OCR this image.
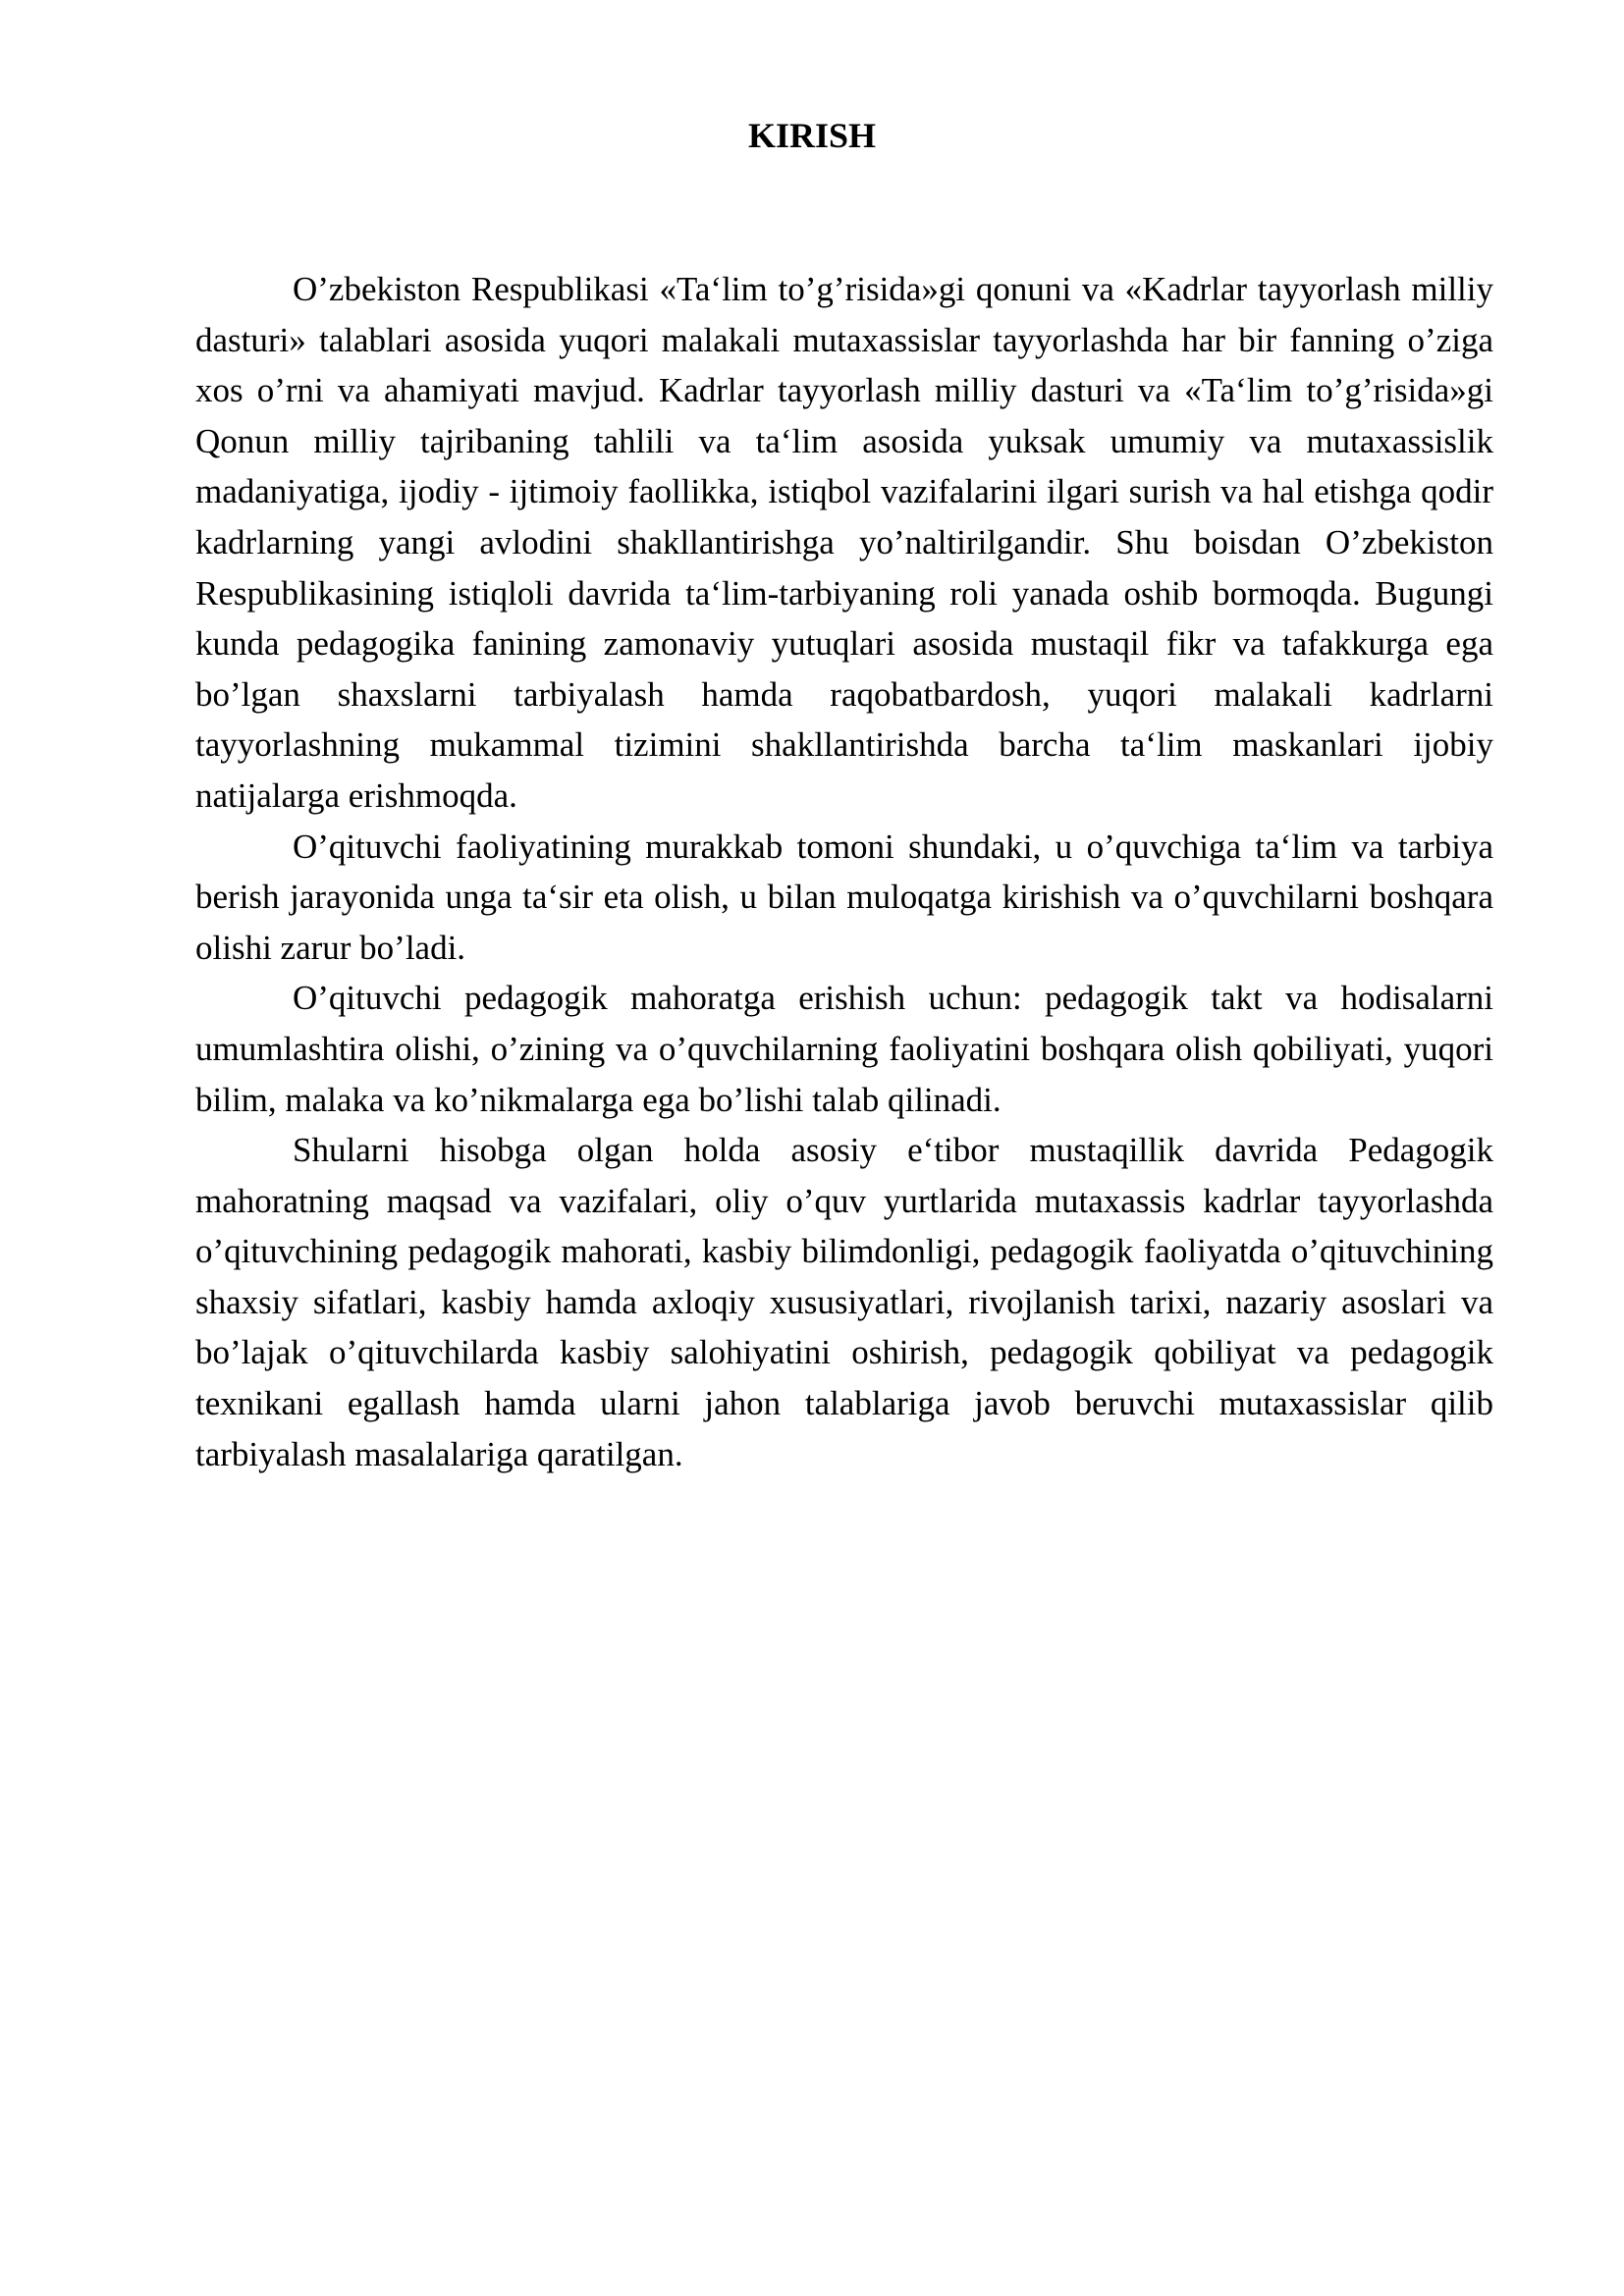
KIRISH

O’zbekiston Respublikasi «Ta‘lim to’g’risida»gi qonuni va «Kadrlar tayyorlash milliy dasturi» talablari asosida yuqori malakali mutaxassislar tayyorlashda har bir fanning o’ziga xos o’rni va ahamiyati mavjud. Kadrlar tayyorlash milliy dasturi va «Ta‘lim to’g’risida»gi Qonun milliy tajribaning tahlili va ta‘lim asosida yuksak umumiy va mutaxassislik madaniyatiga, ijodiy - ijtimoiy faollikka, istiqbol vazifalarini ilgari surish va hal etishga qodir kadrlarning yangi avlodini shakllantirishga yo’naltirilgandir. Shu boisdan O’zbekiston Respublikasining istiqloli davrida ta‘lim-tarbiyaning roli yanada oshib bormoqda. Bugungi kunda pedagogika fanining zamonaviy yutuqlari asosida mustaqil fikr va tafakkurga ega bo’lgan shaxslarni tarbiyalash hamda raqobatbardosh, yuqori malakali kadrlarni tayyorlashning mukammal tizimini shakllantirishda barcha ta‘lim maskanlari ijobiy natijalarga erishmoqda.

O’qituvchi faoliyatining murakkab tomoni shundaki, u o’quvchiga ta‘lim va tarbiya berish jarayonida unga ta‘sir eta olish, u bilan muloqatga kirishish va o’quvchilarni boshqara olishi zarur bo’ladi.

O’qituvchi pedagogik mahoratga erishish uchun: pedagogik takt va hodisalarni umumlashtira olishi, o’zining va o’quvchilarning faoliyatini boshqara olish qobiliyati, yuqori bilim, malaka va ko’nikmalarga ega bo’lishi talab qilinadi.

Shularni hisobga olgan holda asosiy e‘tibor mustaqillik davrida Pedagogik mahoratning maqsad va vazifalari, oliy o’quv yurtlarida mutaxassis kadrlar tayyorlashda o’qituvchining pedagogik mahorati, kasbiy bilimdonligi, pedagogik faoliyatda o’qituvchining shaxsiy sifatlari, kasbiy hamda axloqiy xususiyatlari, rivojlanish tarixi, nazariy asoslari va bo’lajak o’qituvchilarda kasbiy salohiyatini oshirish, pedagogik qobiliyat va pedagogik texnikani egallash hamda ularni jahon talablariga javob beruvchi mutaxassislar qilib tarbiyalash masalalariga qaratilgan.
